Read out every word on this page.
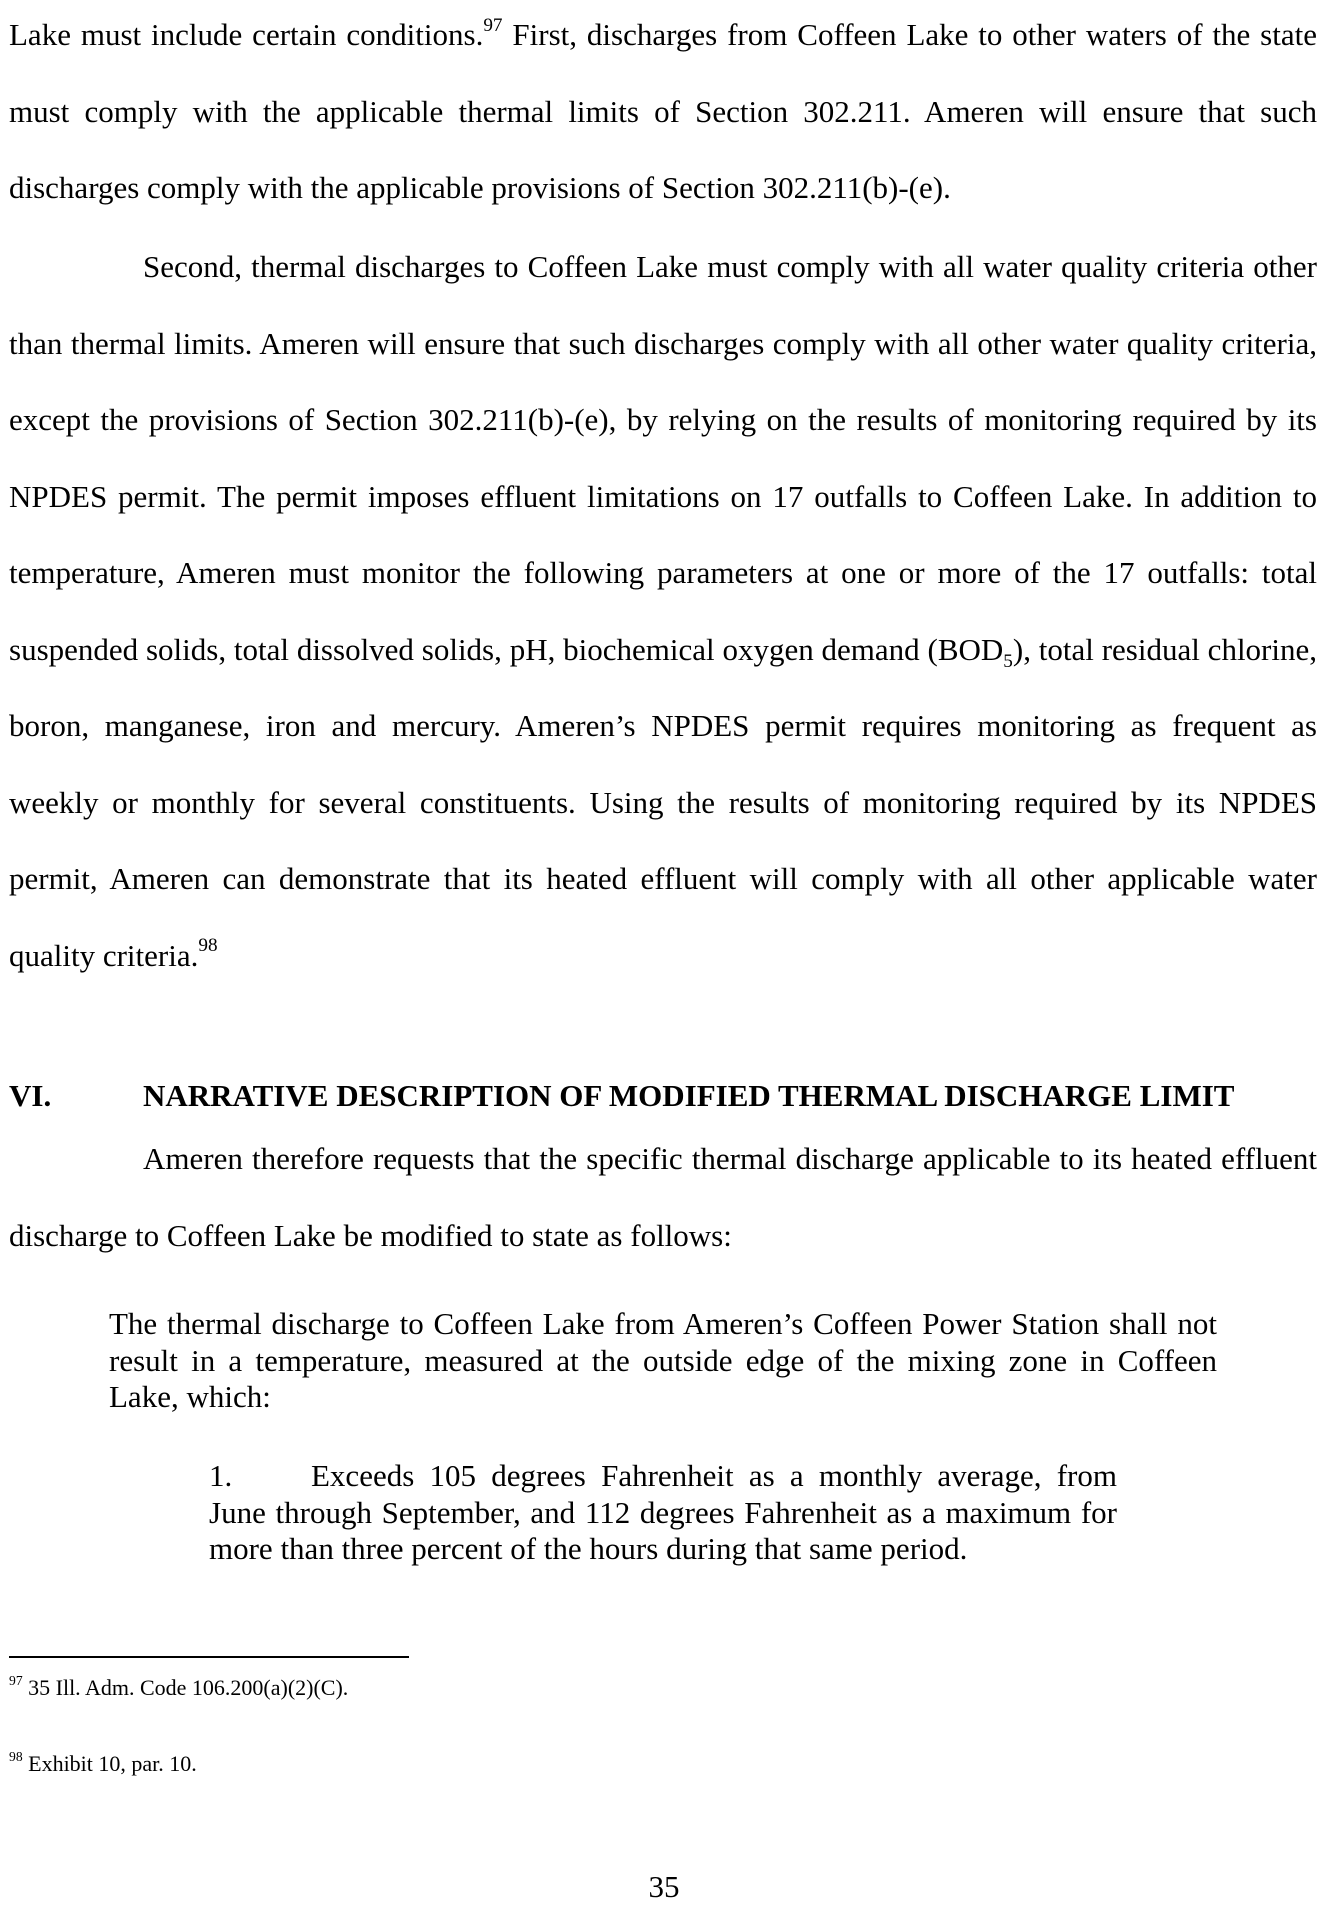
Lake must include certain conditions.$^{97}$ First, discharges from Coffeen Lake to other waters of the state must comply with the applicable thermal limits of Section 302.211. Ameren will ensure that such discharges comply with the applicable provisions of Section 302.211(b)-(e).

Second, thermal discharges to Coffeen Lake must comply with all water quality criteria other than thermal limits. Ameren will ensure that such discharges comply with all other water quality criteria, except the provisions of Section 302.211(b)-(e), by relying on the results of monitoring required by its NPDES permit. The permit imposes effluent limitations on 17 outfalls to Coffeen Lake. In addition to temperature, Ameren must monitor the following parameters at one or more of the 17 outfalls: total suspended solids, total dissolved solids, pH, biochemical oxygen demand $(BOD_5)$, total residual chlorine, boron, manganese, iron and mercury. Ameren’s NPDES permit requires monitoring as frequent as weekly or monthly for several constituents. Using the results of monitoring required by its NPDES permit, Ameren can demonstrate that its heated effluent will comply with all other applicable water quality criteria.$^{98}$

VI.	NARRATIVE DESCRIPTION OF MODIFIED THERMAL DISCHARGE LIMIT

Ameren therefore requests that the specific thermal discharge applicable to its heated effluent discharge to Coffeen Lake be modified to state as follows:

The thermal discharge to Coffeen Lake from Ameren’s Coffeen Power Station shall not result in a temperature, measured at the outside edge of the mixing zone in Coffeen Lake, which:

1.	Exceeds 105 degrees Fahrenheit as a monthly average, from June through September, and 112 degrees Fahrenheit as a maximum for more than three percent of the hours during that same period.

$^{97}$ 35 Ill. Adm. Code 106.200(a)(2)(C).

$^{98}$ Exhibit 10, par. 10.

35
